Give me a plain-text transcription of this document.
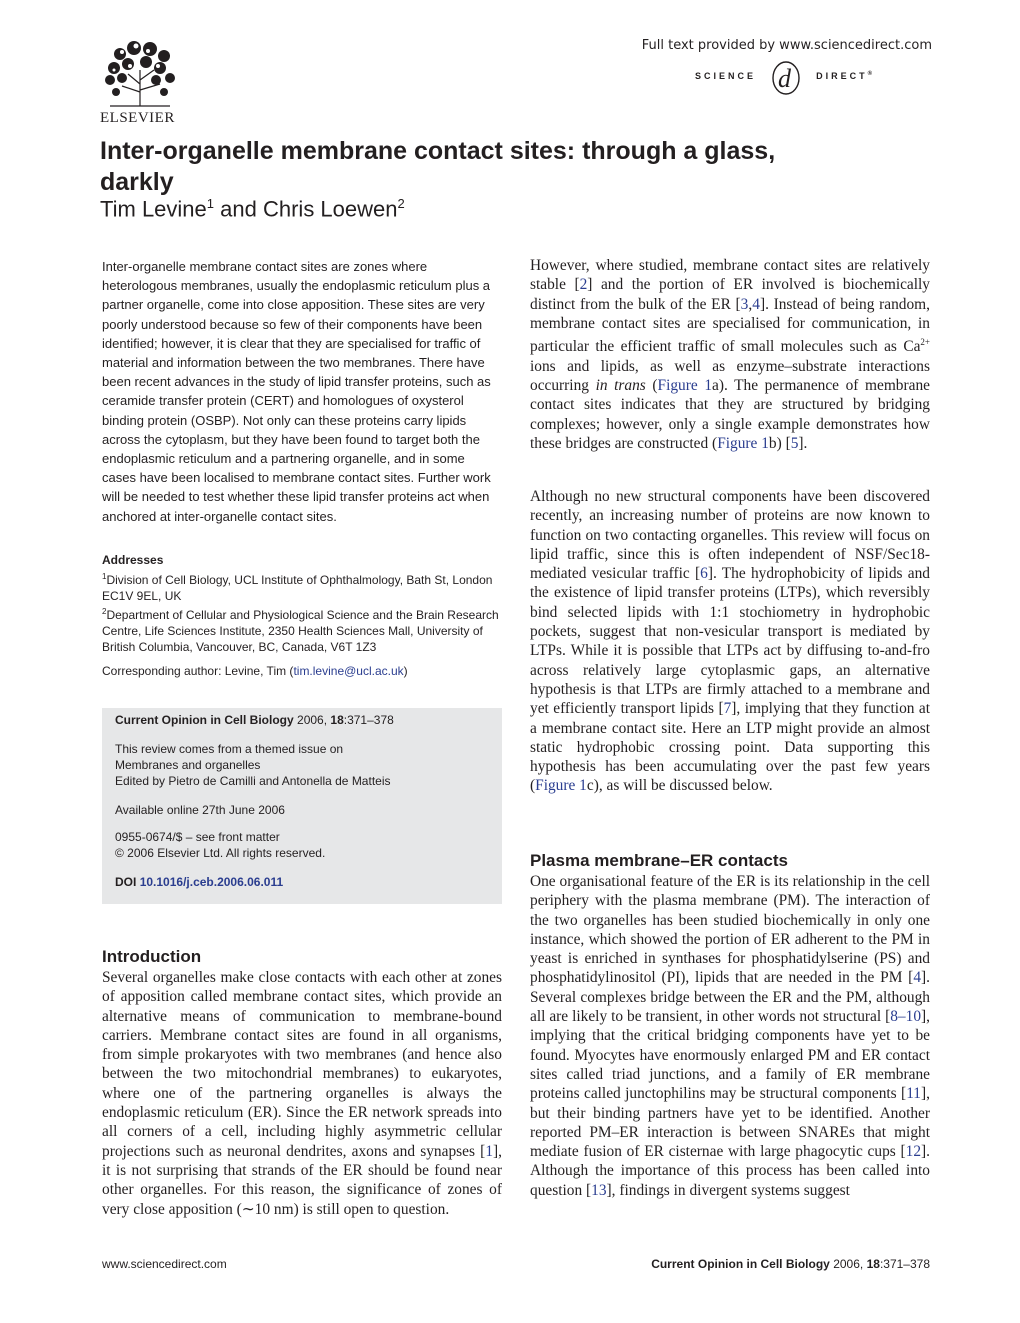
ELSEVIER
Full text provided by www.sciencedirect.com
SCIENCE d	DIRECT®
Inter-organelle membrane contact sites: through a glass, darkly
Tim Levine$^1$ and Chris Loewen$^2$

Inter-organelle membrane contact sites are zones where heterologous membranes, usually the endoplasmic reticulum plus a partner organelle, come into close apposition. These sites are very poorly understood because so few of their components have been identified; however, it is clear that they are specialised for traffic of material and information between the two membranes. There have been recent advances in the study of lipid transfer proteins, such as ceramide transfer protein (CERT) and homologues of oxysterol binding protein (OSBP). Not only can these proteins carry lipids across the cytoplasm, but they have been found to target both the endoplasmic reticulum and a partnering organelle, and in some cases have been localised to membrane contact sites. Further work will be needed to test whether these lipid transfer proteins act when anchored at inter-organelle contact sites.

Addresses

$^1$Division of Cell Biology, UCL Institute of Ophthalmology, Bath St, London EC1V 9EL, UK

$^2$Department of Cellular and Physiological Science and the Brain Research Centre, Life Sciences Institute, 2350 Health Sciences Mall, University of British Columbia, Vancouver, BC, Canada, V6T 1Z3

Corresponding author: Levine, Tim (tim.levine@ucl.ac.uk)

Current Opinion in Cell Biology 2006, 18:371–378

This review comes from a themed issue on

Membranes and organelles

Edited by Pietro de Camilli and Antonella de Matteis

Available online 27th June 2006

0955-0674/$ – see front matter

© 2006 Elsevier Ltd. All rights reserved.

DOI 10.1016/j.ceb.2006.06.011

Introduction

Several organelles make close contacts with each other at zones of apposition called membrane contact sites, which provide an alternative means of communication to membrane-bound carriers. Membrane contact sites are found in all organisms, from simple prokaryotes with two membranes (and hence also between the two mitochondrial membranes) to eukaryotes, where one of the partnering organelles is always the endoplasmic reticulum (ER). Since the ER network spreads into all corners of a cell, including highly asymmetric cellular projections such as neuronal dendrites, axons and synapses [1], it is not surprising that strands of the ER should be found near other organelles. For this reason, the significance of zones of very close apposition (∼10 nm) is still open to question.

However, where studied, membrane contact sites are relatively stable [2] and the portion of ER involved is biochemically distinct from the bulk of the ER [3,4]. Instead of being random, membrane contact sites are specialised for communication, in particular the efficient traffic of small molecules such as $Ca^{2+}$ ions and lipids, as well as enzyme–substrate interactions occurring in trans (Figure 1a). The permanence of membrane contact sites indicates that they are structured by bridging complexes; however, only a single example demonstrates how these bridges are constructed (Figure 1b) [5].

Although no new structural components have been discovered recently, an increasing number of proteins are now known to function on two contacting organelles. This review will focus on lipid traffic, since this is often independent of NSF/Sec18-mediated vesicular traffic [6]. The hydrophobicity of lipids and the existence of lipid transfer proteins (LTPs), which reversibly bind selected lipids with 1:1 stochiometry in hydrophobic pockets, suggest that non-vesicular transport is mediated by LTPs. While it is possible that LTPs act by diffusing to-and-fro across relatively large cytoplasmic gaps, an alternative hypothesis is that LTPs are firmly attached to a membrane and yet efficiently transport lipids [7], implying that they function at a membrane contact site. Here an LTP might provide an almost static hydrophobic crossing point. Data supporting this hypothesis has been accumulating over the past few years (Figure 1c), as will be discussed below.

Plasma membrane–ER contacts

One organisational feature of the ER is its relationship in the cell periphery with the plasma membrane (PM). The interaction of the two organelles has been studied biochemically in only one instance, which showed the portion of ER adherent to the PM in yeast is enriched in synthases for phosphatidylserine (PS) and phosphatidylinositol (PI), lipids that are needed in the PM [4]. Several complexes bridge between the ER and the PM, although all are likely to be transient, in other words not structural [8–10], implying that the critical bridging components have yet to be found. Myocytes have enormously enlarged PM and ER contact sites called triad junctions, and a family of ER membrane proteins called junctophilins may be structural components [11], but their binding partners have yet to be identified. Another reported PM–ER interaction is between SNAREs that might mediate fusion of ER cisternae with large phagocytic cups [12]. Although the importance of this process has been called into question [13], findings in divergent systems suggest

www.sciencedirect.com	Current Opinion in Cell Biology 2006, 18:371–378
